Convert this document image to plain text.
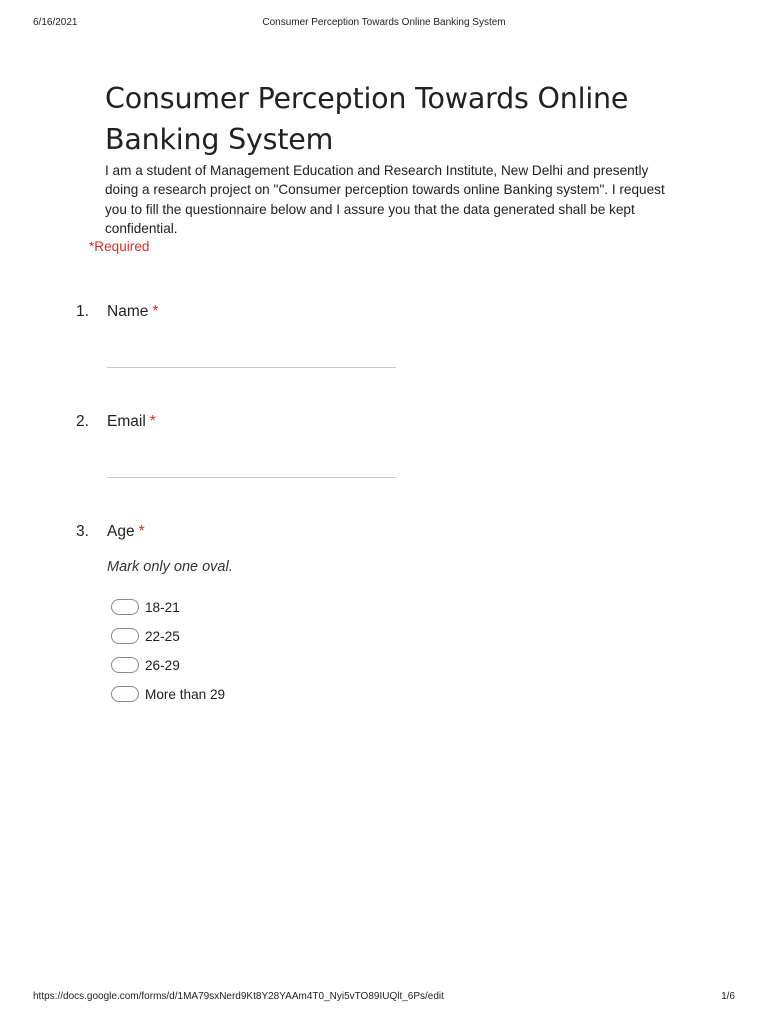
6/16/2021	Consumer Perception Towards Online Banking System
Consumer Perception Towards Online Banking System
I am a student of Management Education and Research Institute, New Delhi and presently doing a research project on "Consumer perception towards online Banking system". I request you to fill the questionnaire below and I assure you that the data generated shall be kept confidential.
*Required
1. Name *
2. Email *
3. Age *
Mark only one oval.
18-21
22-25
26-29
More than 29
https://docs.google.com/forms/d/1MA79sxNerd9Kt8Y28YAAm4T0_Nyi5vTO89IUQlt_6Ps/edit	1/6
